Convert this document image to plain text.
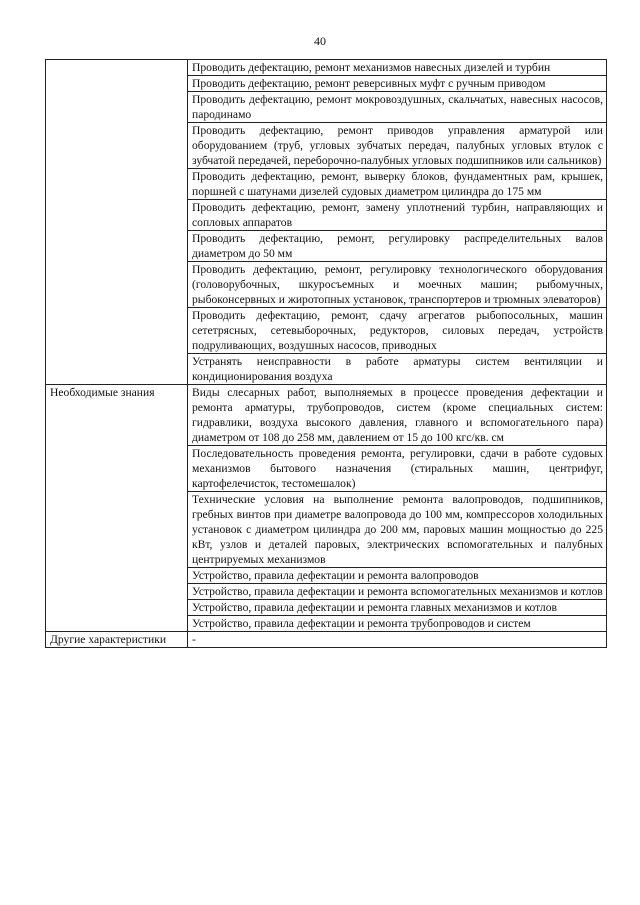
40
	Проводить дефектацию, ремонт механизмов навесных дизелей и турбин
	Проводить дефектацию, ремонт реверсивных муфт с ручным приводом
	Проводить дефектацию, ремонт мокровоздушных, скальчатых, навесных насосов, пародинамо
	Проводить дефектацию, ремонт приводов управления арматурой или оборудованием (труб, угловых зубчатых передач, палубных угловых втулок с зубчатой передачей, переборочно-палубных угловых подшипников или сальников)
	Проводить дефектацию, ремонт, выверку блоков, фундаментных рам, крышек, поршней с шатунами дизелей судовых диаметром цилиндра до 175 мм
	Проводить дефектацию, ремонт, замену уплотнений турбин, направляющих и сопловых аппаратов
	Проводить дефектацию, ремонт, регулировку распределительных валов диаметром до 50 мм
	Проводить дефектацию, ремонт, регулировку технологического оборудования (головорубочных, шкуросъемных и моечных машин; рыбомучных, рыбоконсервных и жиротопных установок, транспортеров и трюмных элеваторов)
	Проводить дефектацию, ремонт, сдачу агрегатов рыбопосольных, машин сететрясных, сетевыборочных, редукторов, силовых передач, устройств подруливающих, воздушных насосов, приводных
	Устранять неисправности в работе арматуры систем вентиляции и кондиционирования воздуха
Необходимые знания	Виды слесарных работ, выполняемых в процессе проведения дефектации и ремонта арматуры, трубопроводов, систем (кроме специальных систем: гидравлики, воздуха высокого давления, главного и вспомогательного пара) диаметром от 108 до 258 мм, давлением от 15 до 100 кгс/кв. см
	Последовательность проведения ремонта, регулировки, сдачи в работе судовых механизмов бытового назначения (стиральных машин, центрифуг, картофелечисток, тестомешалок)
	Технические условия на выполнение ремонта валопроводов, подшипников, гребных винтов при диаметре валопровода до 100 мм, компрессоров холодильных установок с диаметром цилиндра до 200 мм, паровых машин мощностью до 225 кВт, узлов и деталей паровых, электрических вспомогательных и палубных центрируемых механизмов
	Устройство, правила дефектации и ремонта валопроводов
	Устройство, правила дефектации и ремонта вспомогательных механизмов и котлов
	Устройство, правила дефектации и ремонта главных механизмов и котлов
	Устройство, правила дефектации и ремонта трубопроводов и систем
Другие характеристики	-
